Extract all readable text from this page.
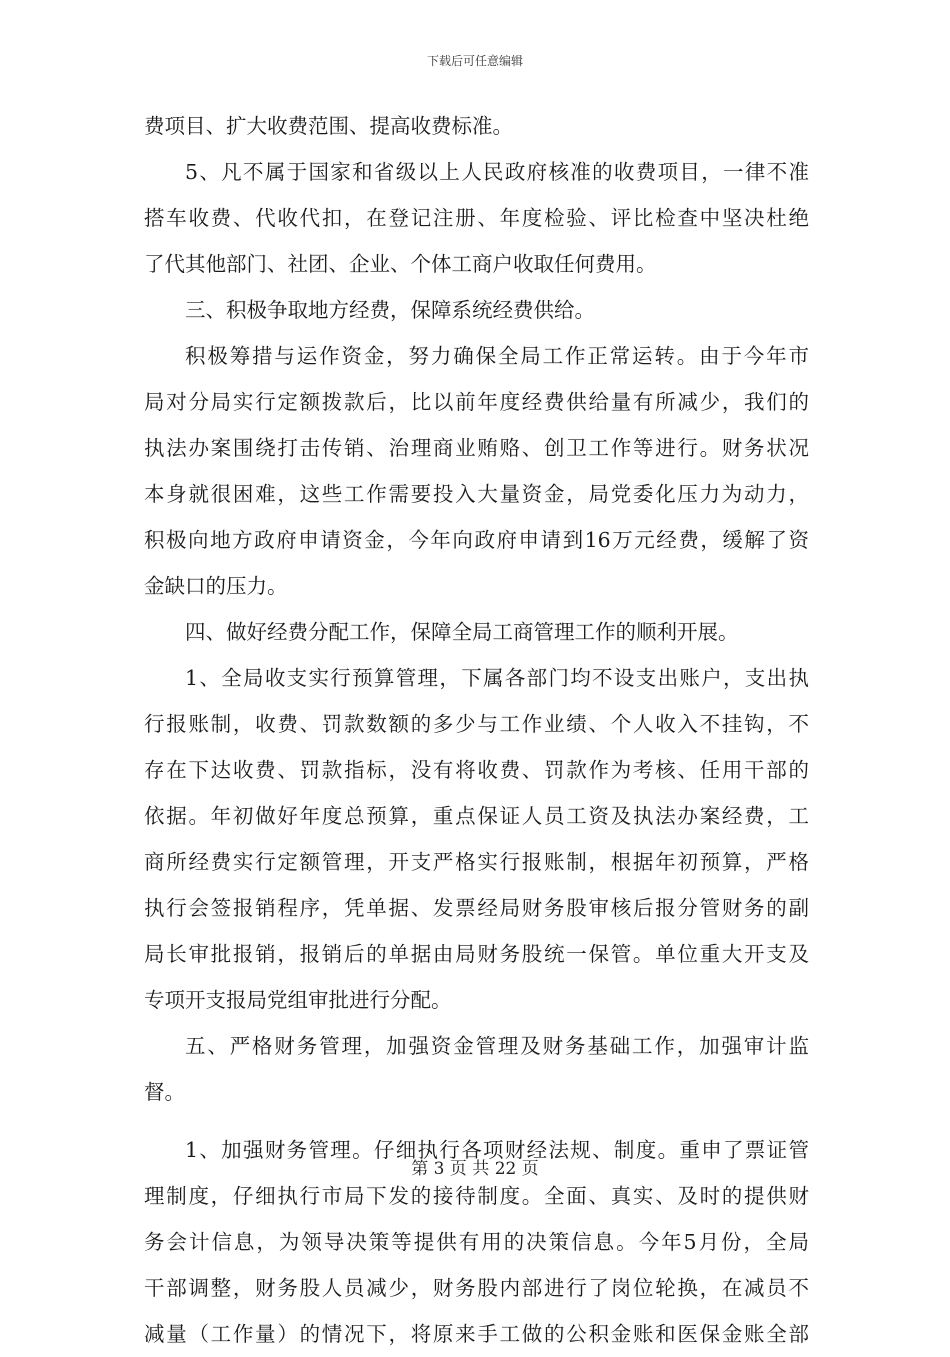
下载后可任意编辑
费项目、扩大收费范围、提高收费标准。
5、凡不属于国家和省级以上人民政府核准的收费项目，一律不准
搭车收费、代收代扣，在登记注册、年度检验、评比检查中坚决杜绝
了代其他部门、社团、企业、个体工商户收取任何费用。
三、积极争取地方经费，保障系统经费供给。
积极筹措与运作资金，努力确保全局工作正常运转。由于今年市
局对分局实行定额拨款后，比以前年度经费供给量有所减少，我们的
执法办案围绕打击传销、治理商业贿赂、创卫工作等进行。财务状况
本身就很困难，这些工作需要投入大量资金，局党委化压力为动力，
积极向地方政府申请资金，今年向政府申请到16万元经费，缓解了资
金缺口的压力。
四、做好经费分配工作，保障全局工商管理工作的顺利开展。
1、全局收支实行预算管理，下属各部门均不设支出账户，支出执
行报账制，收费、罚款数额的多少与工作业绩、个人收入不挂钩，不
存在下达收费、罚款指标，没有将收费、罚款作为考核、任用干部的
依据。年初做好年度总预算，重点保证人员工资及执法办案经费，工
商所经费实行定额管理，开支严格实行报账制，根据年初预算，严格
执行会签报销程序，凭单据、发票经局财务股审核后报分管财务的副
局长审批报销，报销后的单据由局财务股统一保管。单位重大开支及
专项开支报局党组审批进行分配。
五、严格财务管理，加强资金管理及财务基础工作，加强审计监
督。
1、加强财务管理。仔细执行各项财经法规、制度。重申了票证管
理制度，仔细执行市局下发的接待制度。全面、真实、及时的提供财
务会计信息，为领导决策等提供有用的决策信息。今年5月份，全局
干部调整，财务股人员减少，财务股内部进行了岗位轮换，在减员不
减量（工作量）的情况下，将原来手工做的公积金账和医保金账全部
第 3 页 共 22 页
